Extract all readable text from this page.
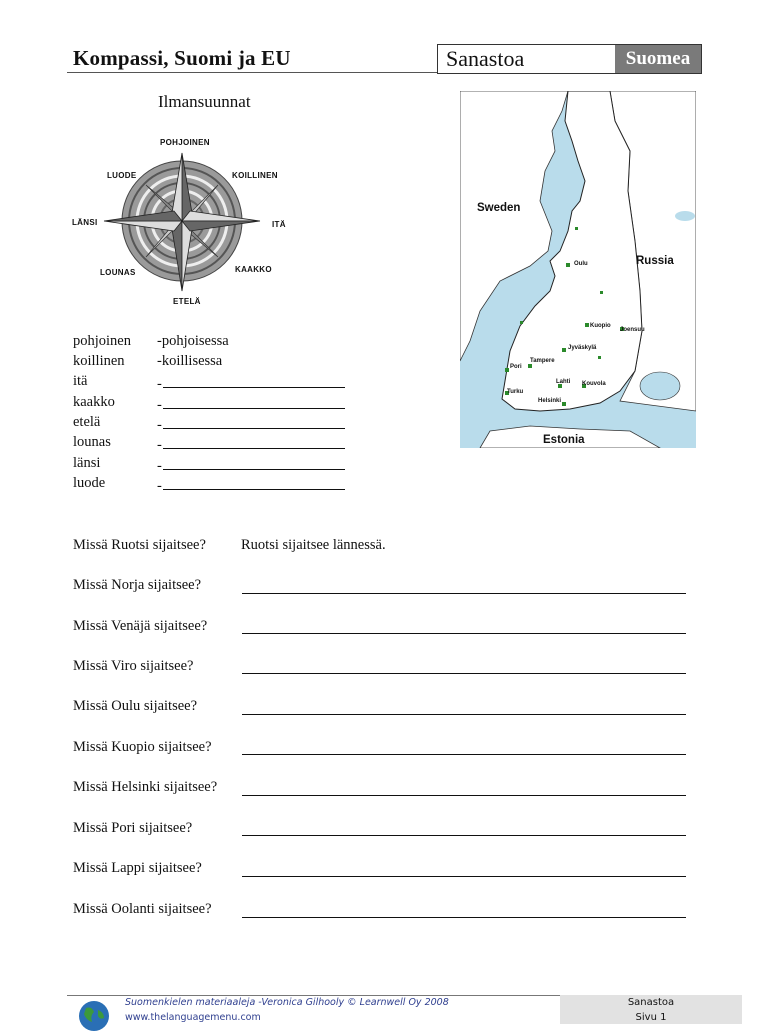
Kompassi, Suomi ja EU	Sanastoa	Suomea
Ilmansuunnat
POHJOINEN
KOILLINEN
ITÄ
KAAKKO
ETELÄ
LOUNAS
LÄNSI
LUODE
Sweden
Russia
Estonia
Oulu
Kuopio
Joensuu
Jyväskylä
Tampere
Pori
Lahti Kouvola
Turku
Helsinki
pohjoinen -pohjoisessa
koillinen -koillisessa
itä	-
kaakko	-
etelä	-
lounas	-
länsi	-
luode	-
Missä Ruotsi sijaitsee? Ruotsi sijaitsee lännessä.
Missä Norja sijaitsee?
Missä Venäjä sijaitsee?
Missä Viro sijaitsee?
Missä Oulu sijaitsee?
Missä Kuopio sijaitsee?
Missä Helsinki sijaitsee?
Missä Pori sijaitsee?
Missä Lappi sijaitsee?
Missä Oolanti sijaitsee?
Suomenkielen materiaaleja -Veronica Gilhooly © Learnwell Oy 2008
www.thelanguagemenu.com
Sanastoa
Sivu 1
